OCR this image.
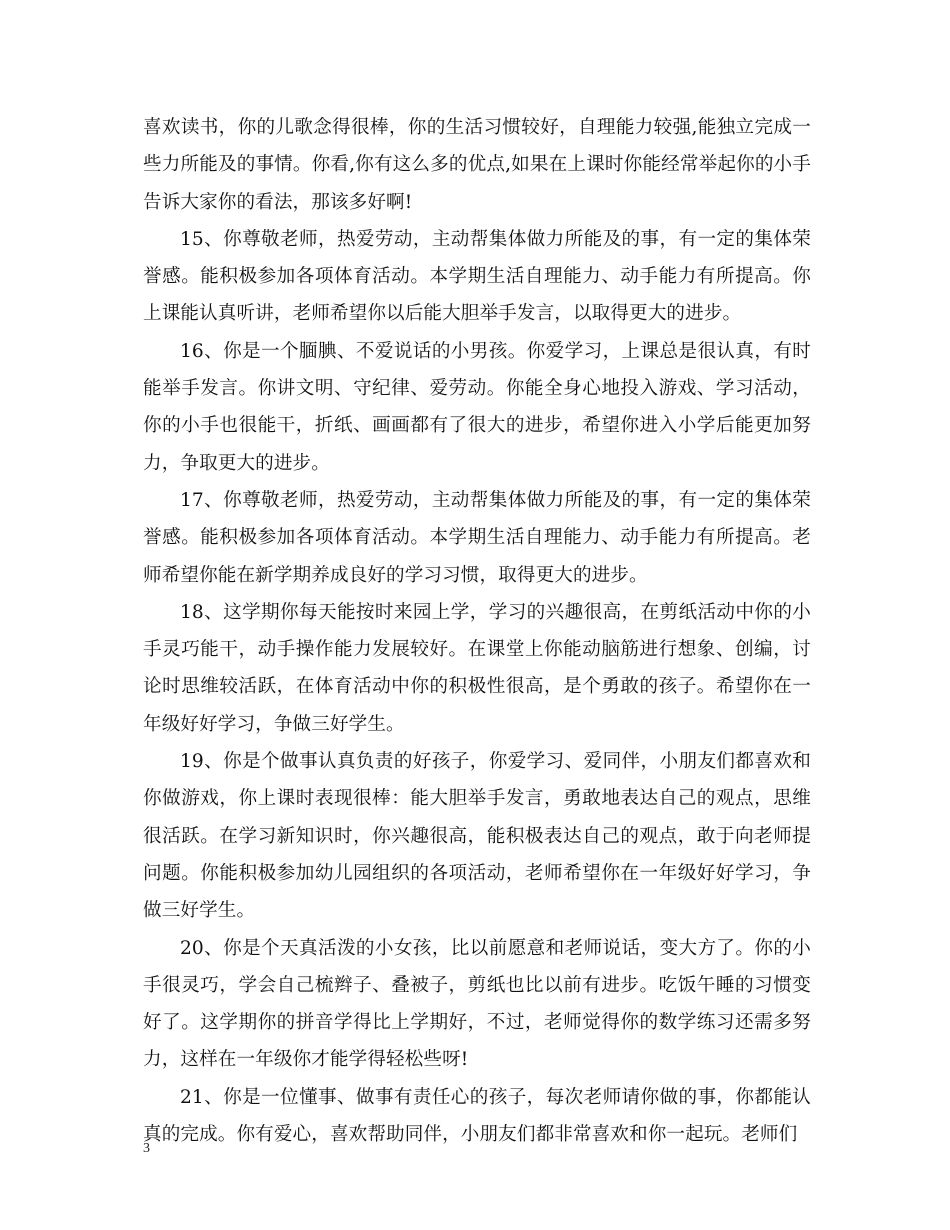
喜欢读书，你的儿歌念得很棒，你的生活习惯较好，自理能力较强,能独立完成一些力所能及的事情。你看,你有这么多的优点,如果在上课时你能经常举起你的小手告诉大家你的看法，那该多好啊!

15、你尊敬老师，热爱劳动，主动帮集体做力所能及的事，有一定的集体荣誉感。能积极参加各项体育活动。本学期生活自理能力、动手能力有所提高。你上课能认真听讲，老师希望你以后能大胆举手发言，以取得更大的进步。

16、你是一个腼腆、不爱说话的小男孩。你爱学习，上课总是很认真，有时能举手发言。你讲文明、守纪律、爱劳动。你能全身心地投入游戏、学习活动，你的小手也很能干，折纸、画画都有了很大的进步，希望你进入小学后能更加努力，争取更大的进步。

17、你尊敬老师，热爱劳动，主动帮集体做力所能及的事，有一定的集体荣誉感。能积极参加各项体育活动。本学期生活自理能力、动手能力有所提高。老师希望你能在新学期养成良好的学习习惯，取得更大的进步。

18、这学期你每天能按时来园上学，学习的兴趣很高，在剪纸活动中你的小手灵巧能干，动手操作能力发展较好。在课堂上你能动脑筋进行想象、创编，讨论时思维较活跃，在体育活动中你的积极性很高，是个勇敢的孩子。希望你在一年级好好学习，争做三好学生。

19、你是个做事认真负责的好孩子，你爱学习、爱同伴，小朋友们都喜欢和你做游戏，你上课时表现很棒：能大胆举手发言，勇敢地表达自己的观点，思维很活跃。在学习新知识时，你兴趣很高，能积极表达自己的观点，敢于向老师提问题。你能积极参加幼儿园组织的各项活动，老师希望你在一年级好好学习，争做三好学生。

20、你是个天真活泼的小女孩，比以前愿意和老师说话，变大方了。你的小手很灵巧，学会自己梳辫子、叠被子，剪纸也比以前有进步。吃饭午睡的习惯变好了。这学期你的拼音学得比上学期好，不过，老师觉得你的数学练习还需多努力，这样在一年级你才能学得轻松些呀!

21、你是一位懂事、做事有责任心的孩子，每次老师请你做的事，你都能认真的完成。你有爱心，喜欢帮助同伴，小朋友们都非常喜欢和你一起玩。老师们

3
